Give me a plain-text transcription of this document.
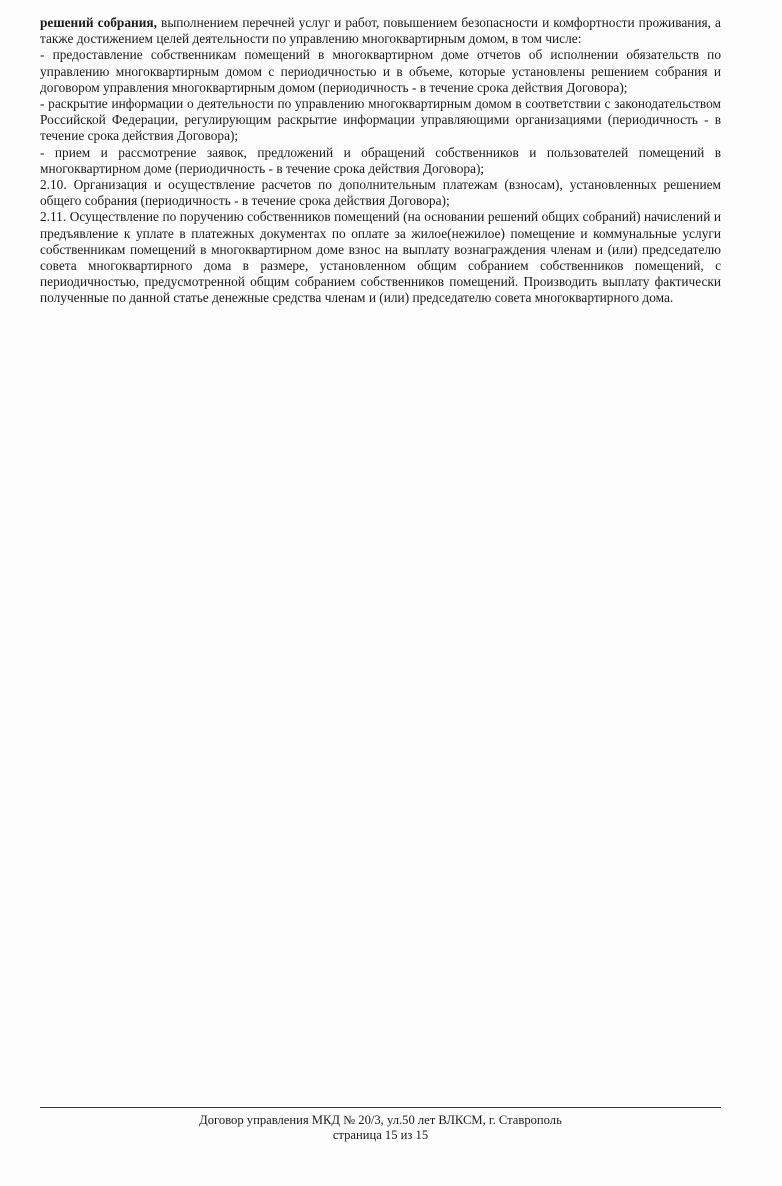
решений собрания, выполнением перечней услуг и работ, повышением безопасности и комфортности проживания, а также достижением целей деятельности по управлению многоквартирным домом, в том числе:

- предоставление собственникам помещений в многоквартирном доме отчетов об исполнении обязательств по управлению многоквартирным домом с периодичностью и в объеме, которые установлены решением собрания и договором управления многоквартирным домом (периодичность - в течение срока действия Договора);

- раскрытие информации о деятельности по управлению многоквартирным домом в соответствии с законодательством Российской Федерации, регулирующим раскрытие информации управляющими организациями (периодичность - в течение срока действия Договора);

- прием и рассмотрение заявок, предложений и обращений собственников и пользователей помещений в многоквартирном доме (периодичность - в течение срока действия Договора);

2.10. Организация и осуществление расчетов по дополнительным платежам (взносам), установленных решением общего собрания (периодичность - в течение срока действия Договора);

2.11. Осуществление по поручению собственников помещений (на основании решений общих собраний) начислений и предъявление к уплате в платежных документах по оплате за жилое(нежилое) помещение и коммунальные услуги собственникам помещений в многоквартирном доме взнос на выплату вознаграждения членам и (или) председателю совета многоквартирного дома в размере, установленном общим собранием собственников помещений, с периодичностью, предусмотренной общим собранием собственников помещений. Производить выплату фактически полученные по данной статье денежные средства членам и (или) председателю совета многоквартирного дома.

Договор управления МКД № 20/3, ул.50 лет ВЛКСМ, г. Ставрополь
страница 15 из 15
